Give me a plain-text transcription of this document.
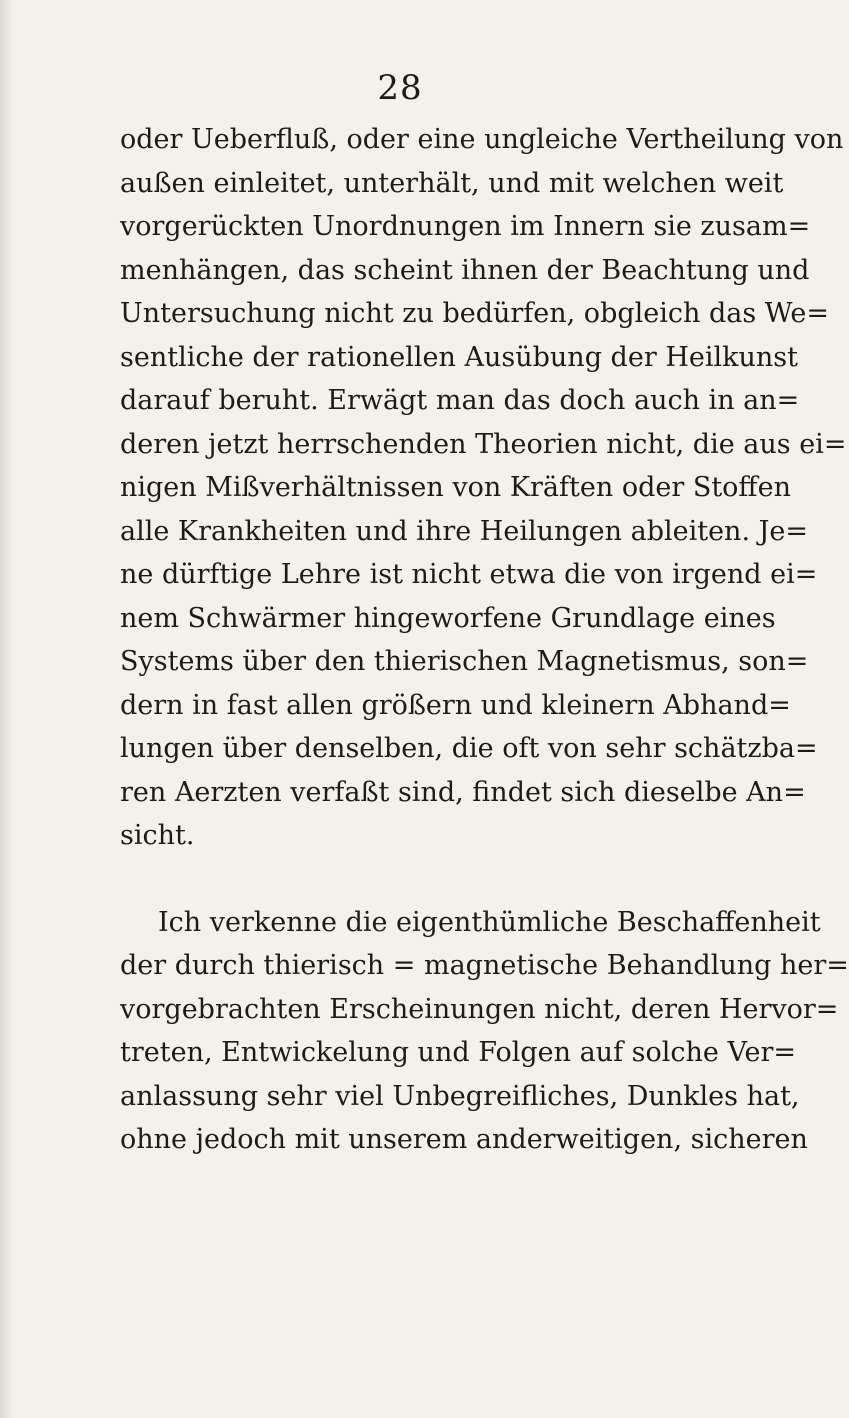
28
oder Ueberfluß, oder eine ungleiche Vertheilung von
außen einleitet, unterhält, und mit welchen weit
vorgerückten Unordnungen im Innern sie zusam=
menhängen, das scheint ihnen der Beachtung und
Untersuchung nicht zu bedürfen, obgleich das We=
sentliche der rationellen Ausübung der Heilkunst
darauf beruht. Erwägt man das doch auch in an=
deren jetzt herrschenden Theorien nicht, die aus ei=
nigen Mißverhältnissen von Kräften oder Stoffen
alle Krankheiten und ihre Heilungen ableiten. Je=
ne dürftige Lehre ist nicht etwa die von irgend ei=
nem Schwärmer hingeworfene Grundlage eines
Systems über den thierischen Magnetismus, son=
dern in fast allen größern und kleinern Abhand=
lungen über denselben, die oft von sehr schätzba=
ren Aerzten verfaßt sind, findet sich dieselbe An=
sicht.
Ich verkenne die eigenthümliche Beschaffenheit
der durch thierisch = magnetische Behandlung her=
vorgebrachten Erscheinungen nicht, deren Hervor=
treten, Entwickelung und Folgen auf solche Ver=
anlassung sehr viel Unbegreifliches, Dunkles hat,
ohne jedoch mit unserem anderweitigen, sicheren
